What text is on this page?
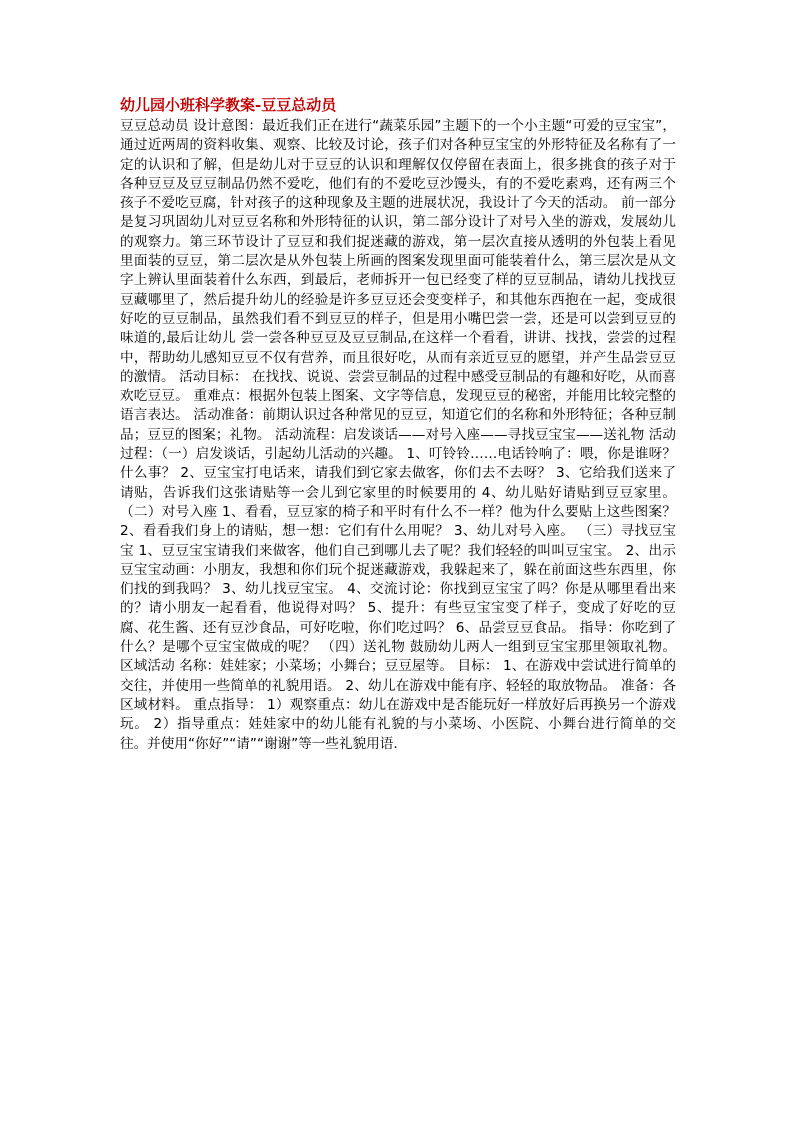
幼儿园小班科学教案-豆豆总动员

豆豆总动员 设计意图：最近我们正在进行“蔬菜乐园”主题下的一个小主题“可爱的豆宝宝”，通过近两周的资料收集、观察、比较及讨论，孩子们对各种豆宝宝的外形特征及名称有了一定的认识和了解，但是幼儿对于豆豆的认识和理解仅仅停留在表面上，很多挑食的孩子对于各种豆豆及豆豆制品仍然不爱吃，他们有的不爱吃豆沙馒头，有的不爱吃素鸡，还有两三个孩子不爱吃豆腐，针对孩子的这种现象及主题的进展状况，我设计了今天的活动。 前一部分是复习巩固幼儿对豆豆名称和外形特征的认识，第二部分设计了对号入坐的游戏，发展幼儿的观察力。第三环节设计了豆豆和我们捉迷藏的游戏，第一层次直接从透明的外包装上看见里面装的豆豆，第二层次是从外包装上所画的图案发现里面可能装着什么，第三层次是从文字上辨认里面装着什么东西，到最后，老师拆开一包已经变了样的豆豆制品，请幼儿找找豆豆藏哪里了，然后提升幼儿的经验是许多豆豆还会变变样子，和其他东西抱在一起，变成很好吃的豆豆制品，虽然我们看不到豆豆的样子，但是用小嘴巴尝一尝，还是可以尝到豆豆的味道的,最后让幼儿 尝一尝各种豆豆及豆豆制品,在这样一个看看，讲讲、找找，尝尝的过程中，帮助幼儿感知豆豆不仅有营养，而且很好吃，从而有亲近豆豆的愿望，并产生品尝豆豆的激情。 活动目标： 在找找、说说、尝尝豆制品的过程中感受豆制品的有趣和好吃，从而喜欢吃豆豆。 重难点：根据外包装上图案、文字等信息，发现豆豆的秘密，并能用比较完整的语言表达。 活动准备：前期认识过各种常见的豆豆，知道它们的名称和外形特征；各种豆制品；豆豆的图案；礼物。 活动流程：启发谈话——对号入座——寻找豆宝宝——送礼物 活动过程：（一）启发谈话，引起幼儿活动的兴趣。 1、叮铃铃……电话铃响了：喂，你是谁呀？什么事？ 2、豆宝宝打电话来，请我们到它家去做客，你们去不去呀？ 3、它给我们送来了请贴，告诉我们这张请贴等一会儿到它家里的时候要用的 4、幼儿贴好请贴到豆豆家里。 （二）对号入座 1、看看，豆豆家的椅子和平时有什么不一样？他为什么要贴上这些图案？ 2、看看我们身上的请贴，想一想：它们有什么用呢？ 3、幼儿对号入座。 （三）寻找豆宝宝 1、豆豆宝宝请我们来做客，他们自己到哪儿去了呢？我们轻轻的叫叫豆宝宝。 2、出示豆宝宝动画：小朋友，我想和你们玩个捉迷藏游戏，我躲起来了，躲在前面这些东西里，你们找的到我吗？ 3、幼儿找豆宝宝。 4、交流讨论：你找到豆宝宝了吗？你是从哪里看出来的？请小朋友一起看看，他说得对吗？ 5、提升：有些豆宝宝变了样子，变成了好吃的豆腐、花生酱、还有豆沙食品，可好吃啦，你们吃过吗？ 6、品尝豆豆食品。 指导：你吃到了什么？是哪个豆宝宝做成的呢？ （四）送礼物 鼓励幼儿两人一组到豆宝宝那里领取礼物。 区域活动 名称：娃娃家；小菜场；小舞台；豆豆屋等。 目标： 1、在游戏中尝试进行简单的交往，并使用一些简单的礼貌用语。 2、幼儿在游戏中能有序、轻轻的取放物品。 准备：各区域材料。 重点指导： 1）观察重点：幼儿在游戏中是否能玩好一样放好后再换另一个游戏玩。 2）指导重点：娃娃家中的幼儿能有礼貌的与小菜场、小医院、小舞台进行简单的交往。并使用“你好”“请”“谢谢”等一些礼貌用语.
